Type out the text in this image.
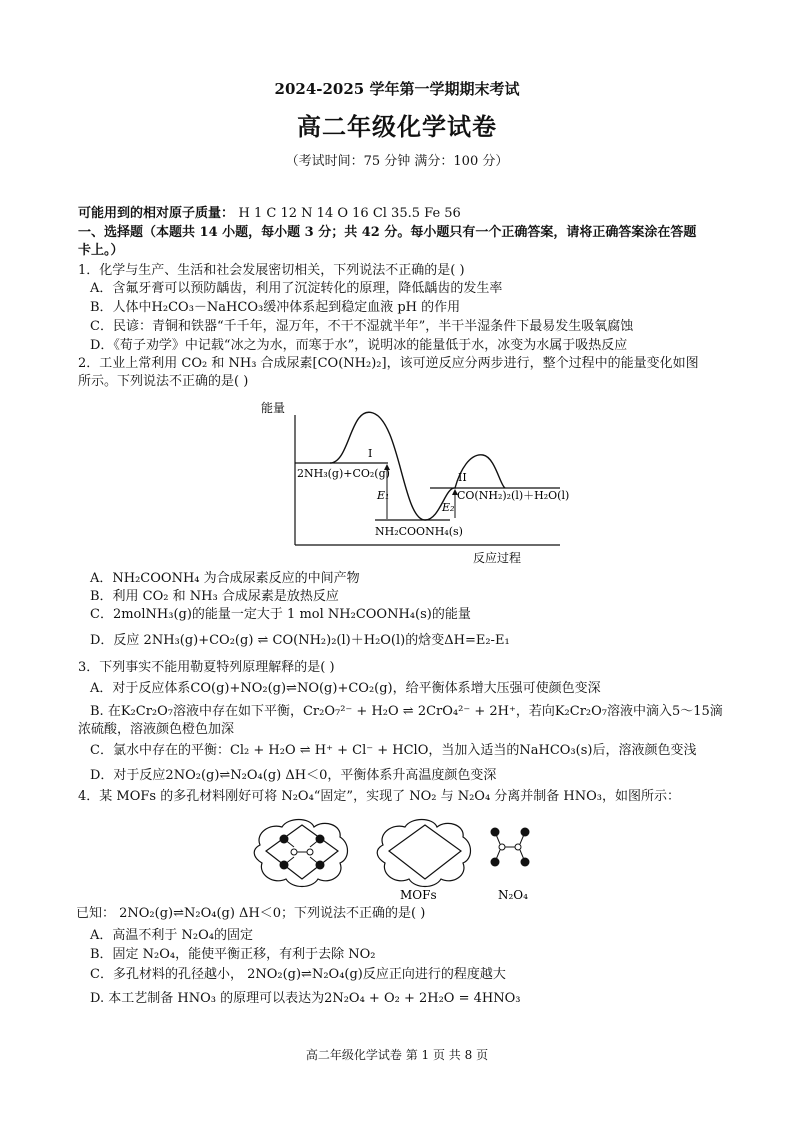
2024-2025 学年第一学期期末考试
高二年级化学试卷
（考试时间：75 分钟 满分：100 分）
可能用到的相对原子质量： H 1 C 12 N 14 O 16 Cl 35.5 Fe 56
一、选择题（本题共 14 小题，每小题 3 分；共 42 分。每小题只有一个正确答案，请将正确答案涂在答题
卡上。）
1．化学与生产、生活和社会发展密切相关，下列说法不正确的是( )
A．含氟牙膏可以预防龋齿，利用了沉淀转化的原理，降低龋齿的发生率
B．人体中H₂CO₃－NaHCO₃缓冲体系起到稳定血液 pH 的作用
C．民谚：青铜和铁器“千千年，湿万年，不干不湿就半年”，半干半湿条件下最易发生吸氧腐蚀
D．《荀子劝学》中记载“冰之为水，而寒于水”，说明冰的能量低于水，冰变为水属于吸热反应
2．工业上常利用 CO₂ 和 NH₃ 合成尿素[CO(NH₂)₂]，该可逆反应分两步进行，整个过程中的能量变化如图
所示。下列说法不正确的是( )
能量
反应过程
2NH₃(g)+CO₂(g)
NH₂COONH₄(s)
CO(NH₂)₂(l)＋H₂O(l)
I
II
E₁
E₂
A．NH₂COONH₄ 为合成尿素反应的中间产物
B．利用 CO₂ 和 NH₃ 合成尿素是放热反应
C．2molNH₃(g)的能量一定大于 1 mol NH₂COONH₄(s)的能量
D．反应 2NH₃(g)+CO₂(g) ⇌ CO(NH₂)₂(l)＋H₂O(l)的焓变ΔH=E₂-E₁
3．下列事实不能用勒夏特列原理解释的是( )
A．对于反应体系CO(g)+NO₂(g)⇌NO(g)+CO₂(g)，给平衡体系增大压强可使颜色变深
B. 在K₂Cr₂O₇溶液中存在如下平衡，Cr₂O₇²⁻ + H₂O ⇌ 2CrO₄²⁻ + 2H⁺，若向K₂Cr₂O₇溶液中滴入5～15滴
浓硫酸，溶液颜色橙色加深
C．氯水中存在的平衡：Cl₂ + H₂O ⇌ H⁺ + Cl⁻ + HClO，当加入适当的NaHCO₃(s)后，溶液颜色变浅
D．对于反应2NO₂(g)⇌N₂O₄(g) ΔH＜0，平衡体系升高温度颜色变深
4．某 MOFs 的多孔材料刚好可将 N₂O₄“固定”，实现了 NO₂ 与 N₂O₄ 分离并制备 HNO₃，如图所示：
MOFs	N₂O₄
已知： 2NO₂(g)⇌N₂O₄(g) ΔH＜0；下列说法不正确的是( )
A．高温不利于 N₂O₄的固定
B．固定 N₂O₄，能使平衡正移，有利于去除 NO₂
C．多孔材料的孔径越小， 2NO₂(g)⇌N₂O₄(g)反应正向进行的程度越大
D. 本工艺制备 HNO₃ 的原理可以表达为2N₂O₄ + O₂ + 2H₂O = 4HNO₃
高二年级化学试卷 第 1 页 共 8 页
